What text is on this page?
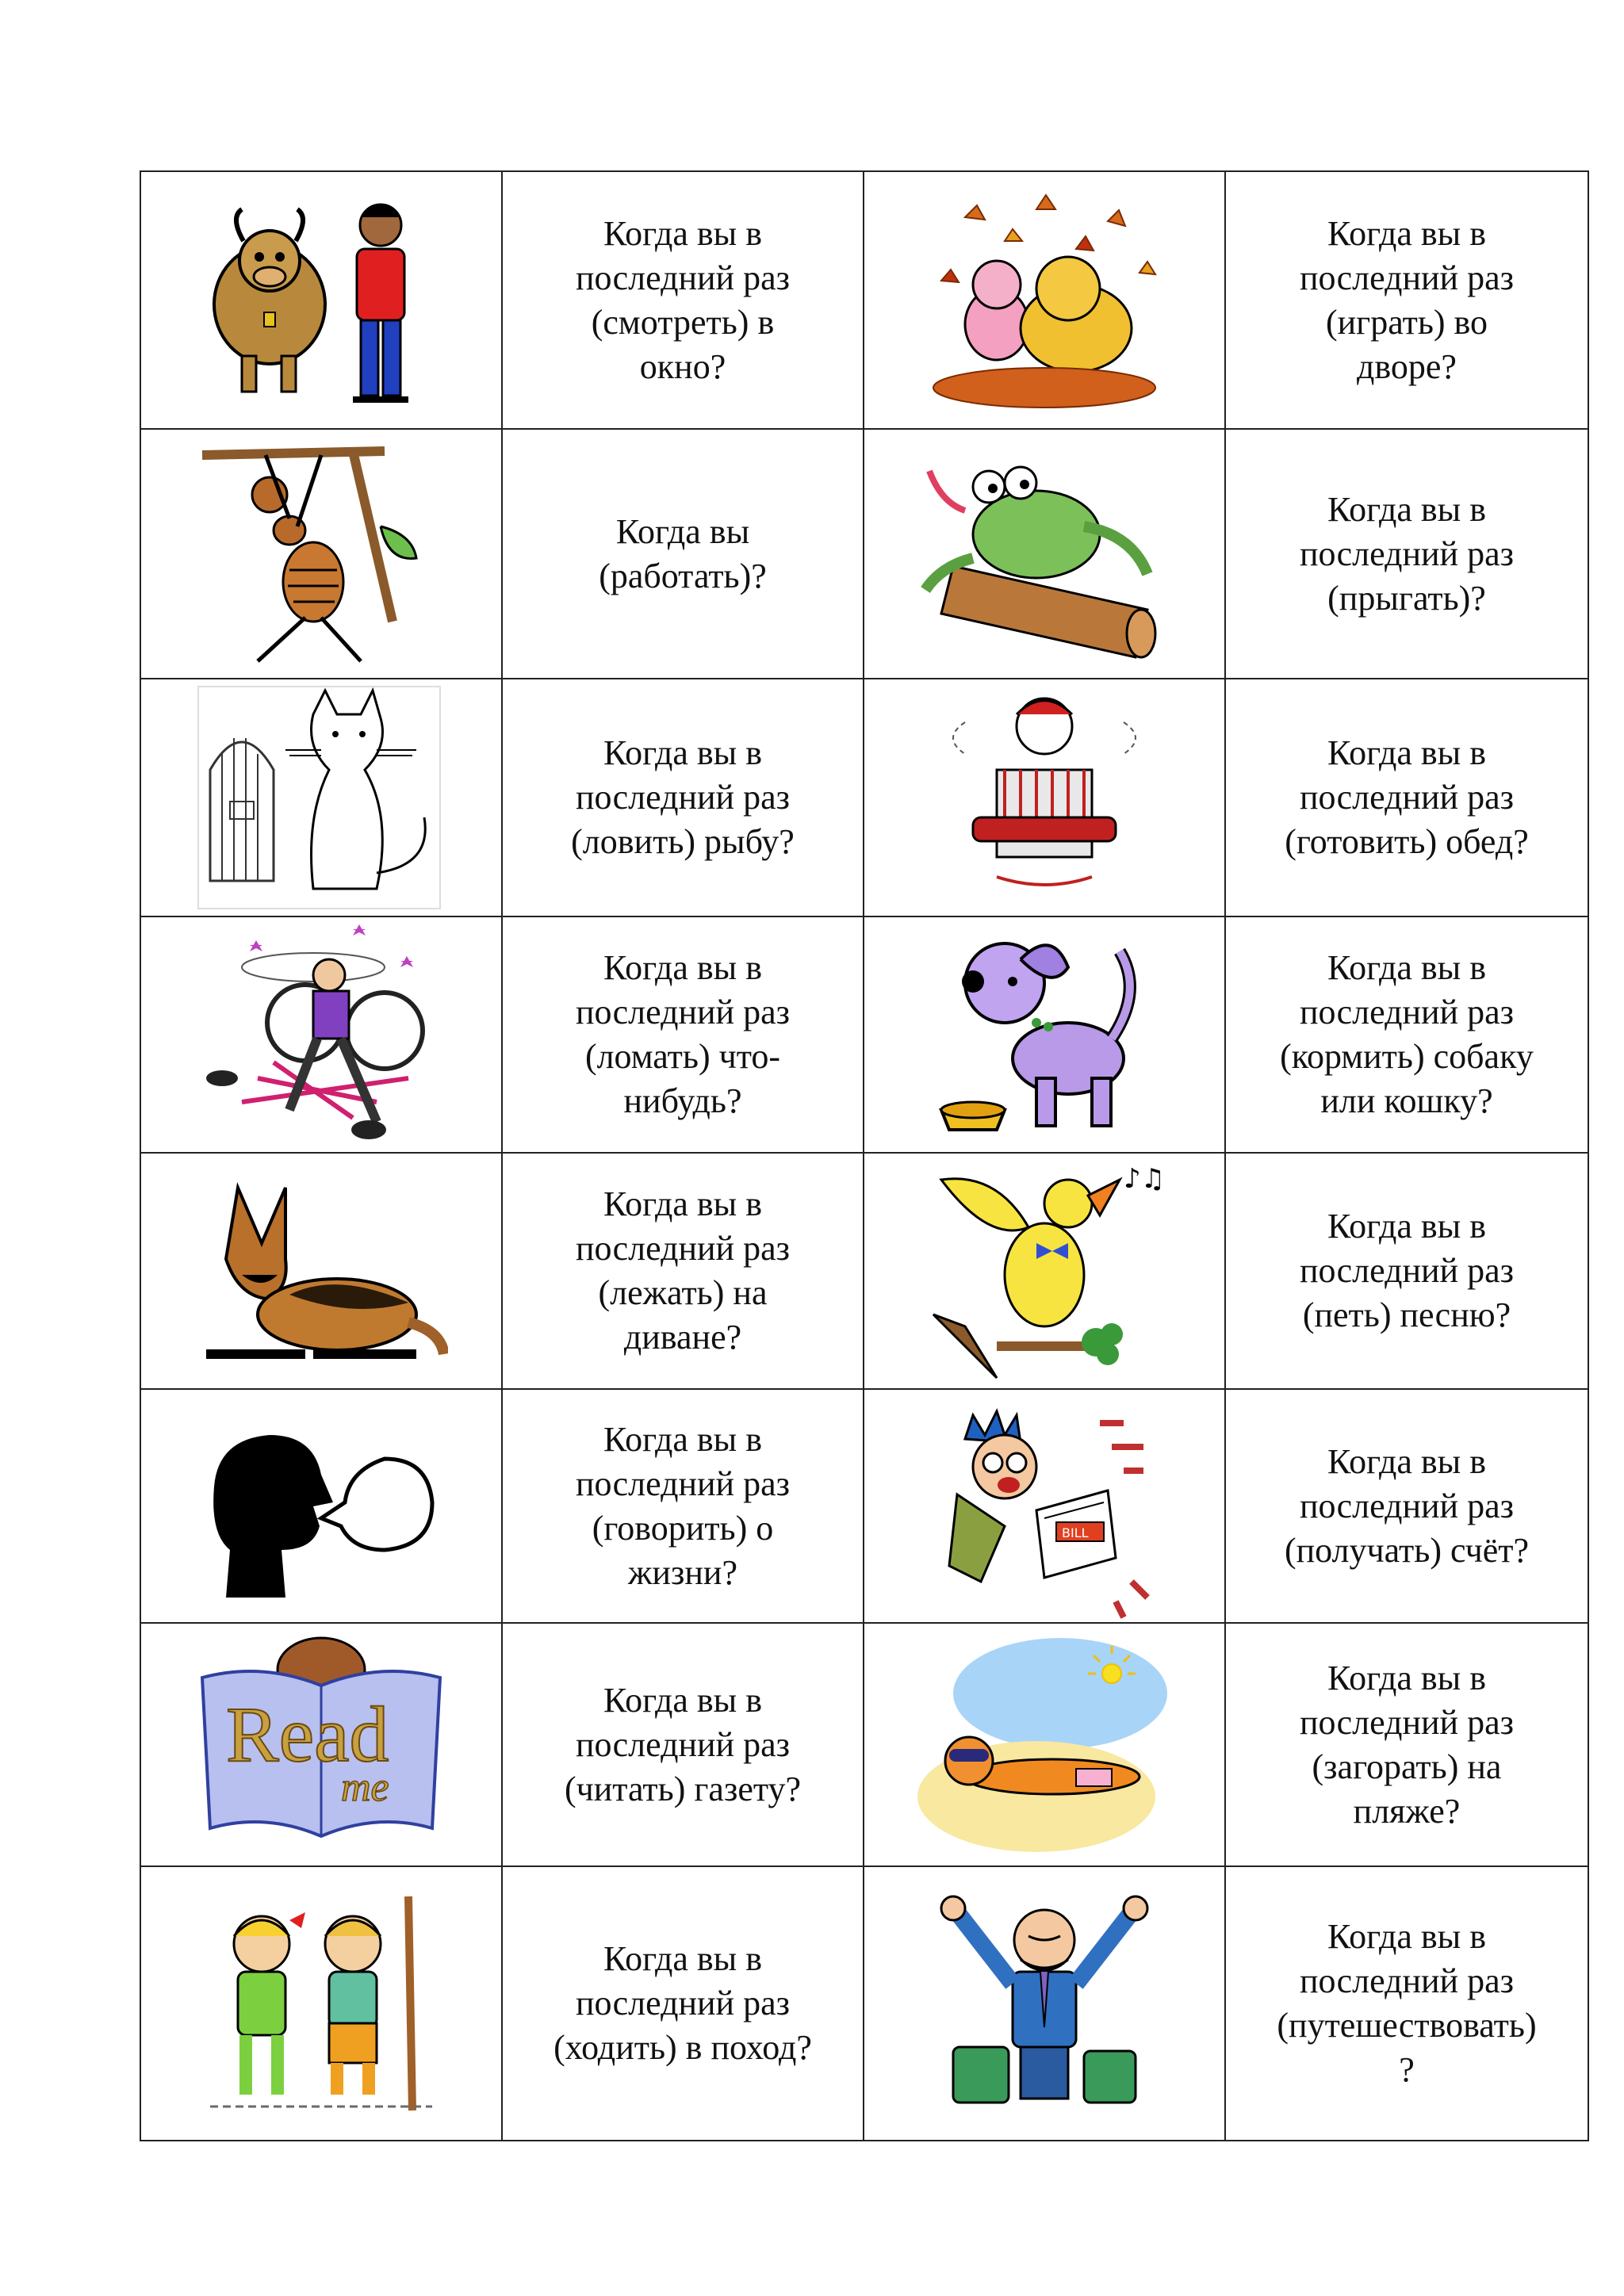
	Когда вы в
последний раз
(смотреть) в
окно?		Когда вы в
последний раз
(играть) во
дворе?

	Когда вы
(работать)?		Когда вы в
последний раз
(прыгать)?

	Когда вы в
последний раз
(ловить) рыбу?		Когда вы в
последний раз
(готовить) обед?

	Когда вы в
последний раз
(ломать) что-
нибудь?		Когда вы в
последний раз
(кормить) собаку
или кошку?

	Когда вы в
последний раз
(лежать) на
диване?	♪♫	Когда вы в
последний раз
(петь) песню?

	Когда вы в
последний раз
(говорить) о
жизни?	BILL	Когда вы в
последний раз
(получать) счёт?

Read
me	Когда вы в
последний раз
(читать) газету?		Когда вы в
последний раз
(загорать) на
пляже?

	Когда вы в
последний раз
(ходить) в поход?		Когда вы в
последний раз
(путешествовать)
?
